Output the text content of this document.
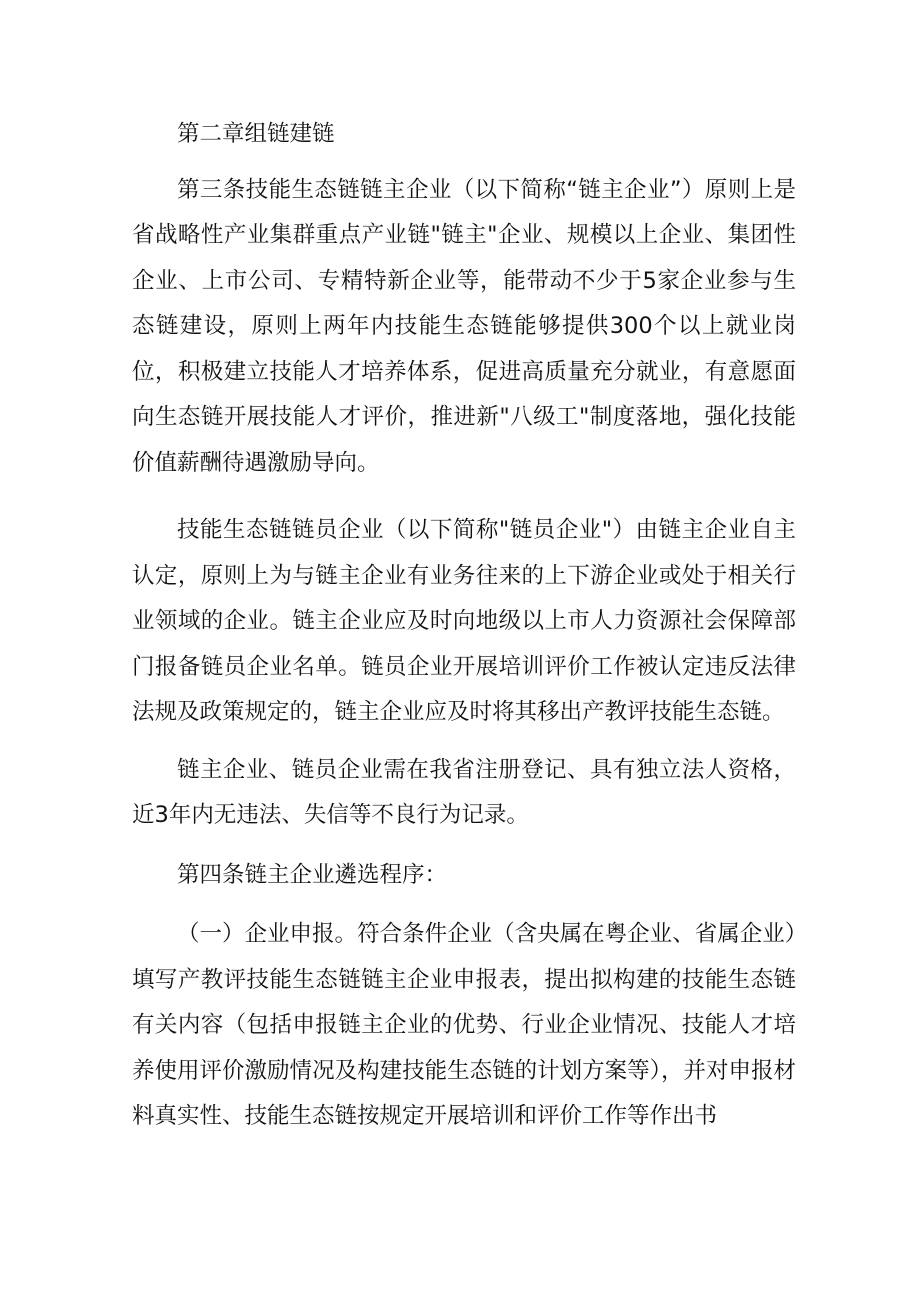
第二章组链建链

第三条技能生态链链主企业（以下简称“链主企业”）原则上是省战略性产业集群重点产业链"链主"企业、规模以上企业、集团性企业、上市公司、专精特新企业等，能带动不少于5家企业参与生态链建设，原则上两年内技能生态链能够提供300个以上就业岗位，积极建立技能人才培养体系，促进高质量充分就业，有意愿面向生态链开展技能人才评价，推进新"八级工"制度落地，强化技能价值薪酬待遇激励导向。

技能生态链链员企业（以下简称"链员企业"）由链主企业自主认定，原则上为与链主企业有业务往来的上下游企业或处于相关行业领域的企业。链主企业应及时向地级以上市人力资源社会保障部门报备链员企业名单。链员企业开展培训评价工作被认定违反法律法规及政策规定的，链主企业应及时将其移出产教评技能生态链。

链主企业、链员企业需在我省注册登记、具有独立法人资格，近3年内无违法、失信等不良行为记录。

第四条链主企业遴选程序：

（一）企业申报。符合条件企业（含央属在粤企业、省属企业）填写产教评技能生态链链主企业申报表，提出拟构建的技能生态链有关内容（包括申报链主企业的优势、行业企业情况、技能人才培养使用评价激励情况及构建技能生态链的计划方案等），并对申报材料真实性、技能生态链按规定开展培训和评价工作等作出书
